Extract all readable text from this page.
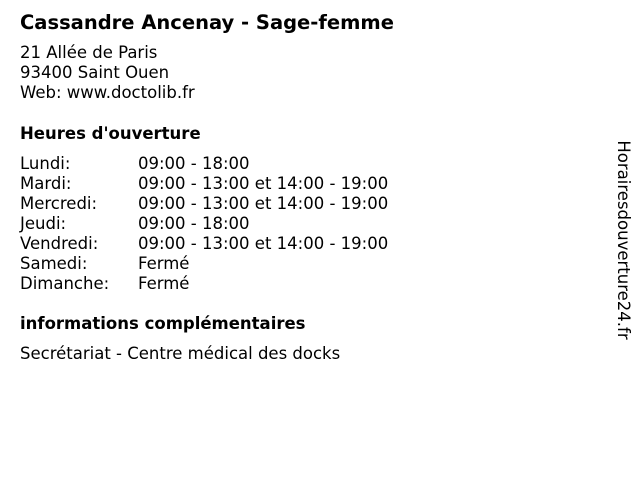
Cassandre Ancenay - Sage-femme
21 Allée de Paris
93400 Saint Ouen
Web: www.doctolib.fr
Heures d'ouverture
Lundi:	09:00 - 18:00
Mardi:	09:00 - 13:00 et 14:00 - 19:00
Mercredi:	09:00 - 13:00 et 14:00 - 19:00
Jeudi:	09:00 - 18:00
Vendredi:	09:00 - 13:00 et 14:00 - 19:00
Samedi:	Fermé
Dimanche:	Fermé
informations complémentaires
Secrétariat - Centre médical des docks
Horairesdouverture24.fr
